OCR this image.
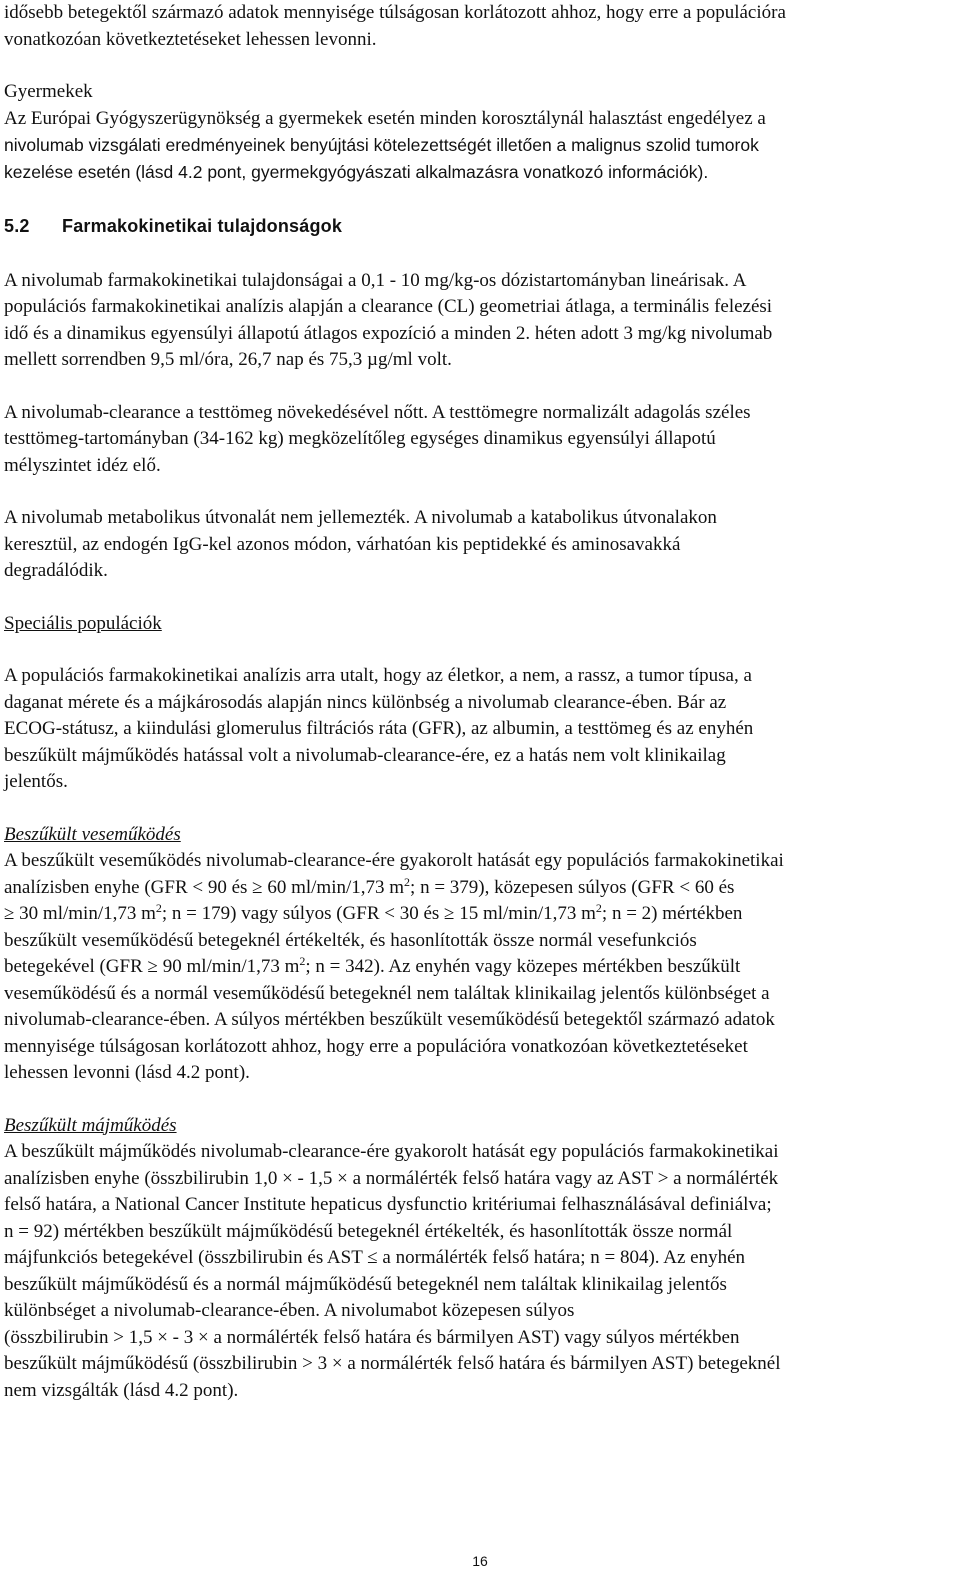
idősebb betegektől származó adatok mennyisége túlságosan korlátozott ahhoz, hogy erre a populációra

vonatkozóan következtetéseket lehessen levonni.

Gyermekek

Az Európai Gyógyszerügynökség a gyermekek esetén minden korosztálynál halasztást engedélyez a

nivolumab vizsgálati eredményeinek benyújtási kötelezettségét illetően a malignus szolid tumorok

kezelése esetén (lásd 4.2 pont, gyermekgyógyászati alkalmazásra vonatkozó információk).

5.2 Farmakokinetikai tulajdonságok

A nivolumab farmakokinetikai tulajdonságai a 0,1 - 10 mg/kg-os dózistartományban lineárisak. A

populációs farmakokinetikai analízis alapján a clearance (CL) geometriai átlaga, a terminális felezési

idő és a dinamikus egyensúlyi állapotú átlagos expozíció a minden 2. héten adott 3 mg/kg nivolumab

mellett sorrendben 9,5 ml/óra, 26,7 nap és 75,3 µg/ml volt.

A nivolumab-clearance a testtömeg növekedésével nőtt. A testtömegre normalizált adagolás széles

testtömeg-tartományban (34-162 kg) megközelítőleg egységes dinamikus egyensúlyi állapotú

mélyszintet idéz elő.

A nivolumab metabolikus útvonalát nem jellemezték. A nivolumab a katabolikus útvonalakon

keresztül, az endogén IgG-kel azonos módon, várhatóan kis peptidekké és aminosavakká

degradálódik.

Speciális populációk

A populációs farmakokinetikai analízis arra utalt, hogy az életkor, a nem, a rassz, a tumor típusa, a

daganat mérete és a májkárosodás alapján nincs különbség a nivolumab clearance-ében. Bár az

ECOG-státusz, a kiindulási glomerulus filtrációs ráta (GFR), az albumin, a testtömeg és az enyhén

beszűkült májműködés hatással volt a nivolumab-clearance-ére, ez a hatás nem volt klinikailag

jelentős.

Beszűkült veseműködés

A beszűkült veseműködés nivolumab-clearance-ére gyakorolt hatását egy populációs farmakokinetikai

analízisben enyhe (GFR < 90 és ≥ 60 ml/min/1,73 $m^2$; n = 379), közepesen súlyos (GFR < 60 és

≥ 30 ml/min/1,73 $m^2$; n = 179) vagy súlyos (GFR < 30 és ≥ 15 ml/min/1,73 $m^2$; n = 2) mértékben

beszűkült veseműködésű betegeknél értékelték, és hasonlították össze normál vesefunkciós

betegekével (GFR ≥ 90 ml/min/1,73 $m^2$; n = 342). Az enyhén vagy közepes mértékben beszűkült

veseműködésű és a normál veseműködésű betegeknél nem találtak klinikailag jelentős különbséget a

nivolumab-clearance-ében. A súlyos mértékben beszűkült veseműködésű betegektől származó adatok

mennyisége túlságosan korlátozott ahhoz, hogy erre a populációra vonatkozóan következtetéseket

lehessen levonni (lásd 4.2 pont).

Beszűkült májműködés

A beszűkült májműködés nivolumab-clearance-ére gyakorolt hatását egy populációs farmakokinetikai

analízisben enyhe (összbilirubin 1,0 × - 1,5 × a normálérték felső határa vagy az AST > a normálérték

felső határa, a National Cancer Institute hepaticus dysfunctio kritériumai felhasználásával definiálva;

n = 92) mértékben beszűkült májműködésű betegeknél értékelték, és hasonlították össze normál

májfunkciós betegekével (összbilirubin és AST ≤ a normálérték felső határa; n = 804). Az enyhén

beszűkült májműködésű és a normál májműködésű betegeknél nem találtak klinikailag jelentős

különbséget a nivolumab-clearance-ében. A nivolumabot közepesen súlyos

(összbilirubin > 1,5 × - 3 × a normálérték felső határa és bármilyen AST) vagy súlyos mértékben

beszűkült májműködésű (összbilirubin > 3 × a normálérték felső határa és bármilyen AST) betegeknél

nem vizsgálták (lásd 4.2 pont).

16
